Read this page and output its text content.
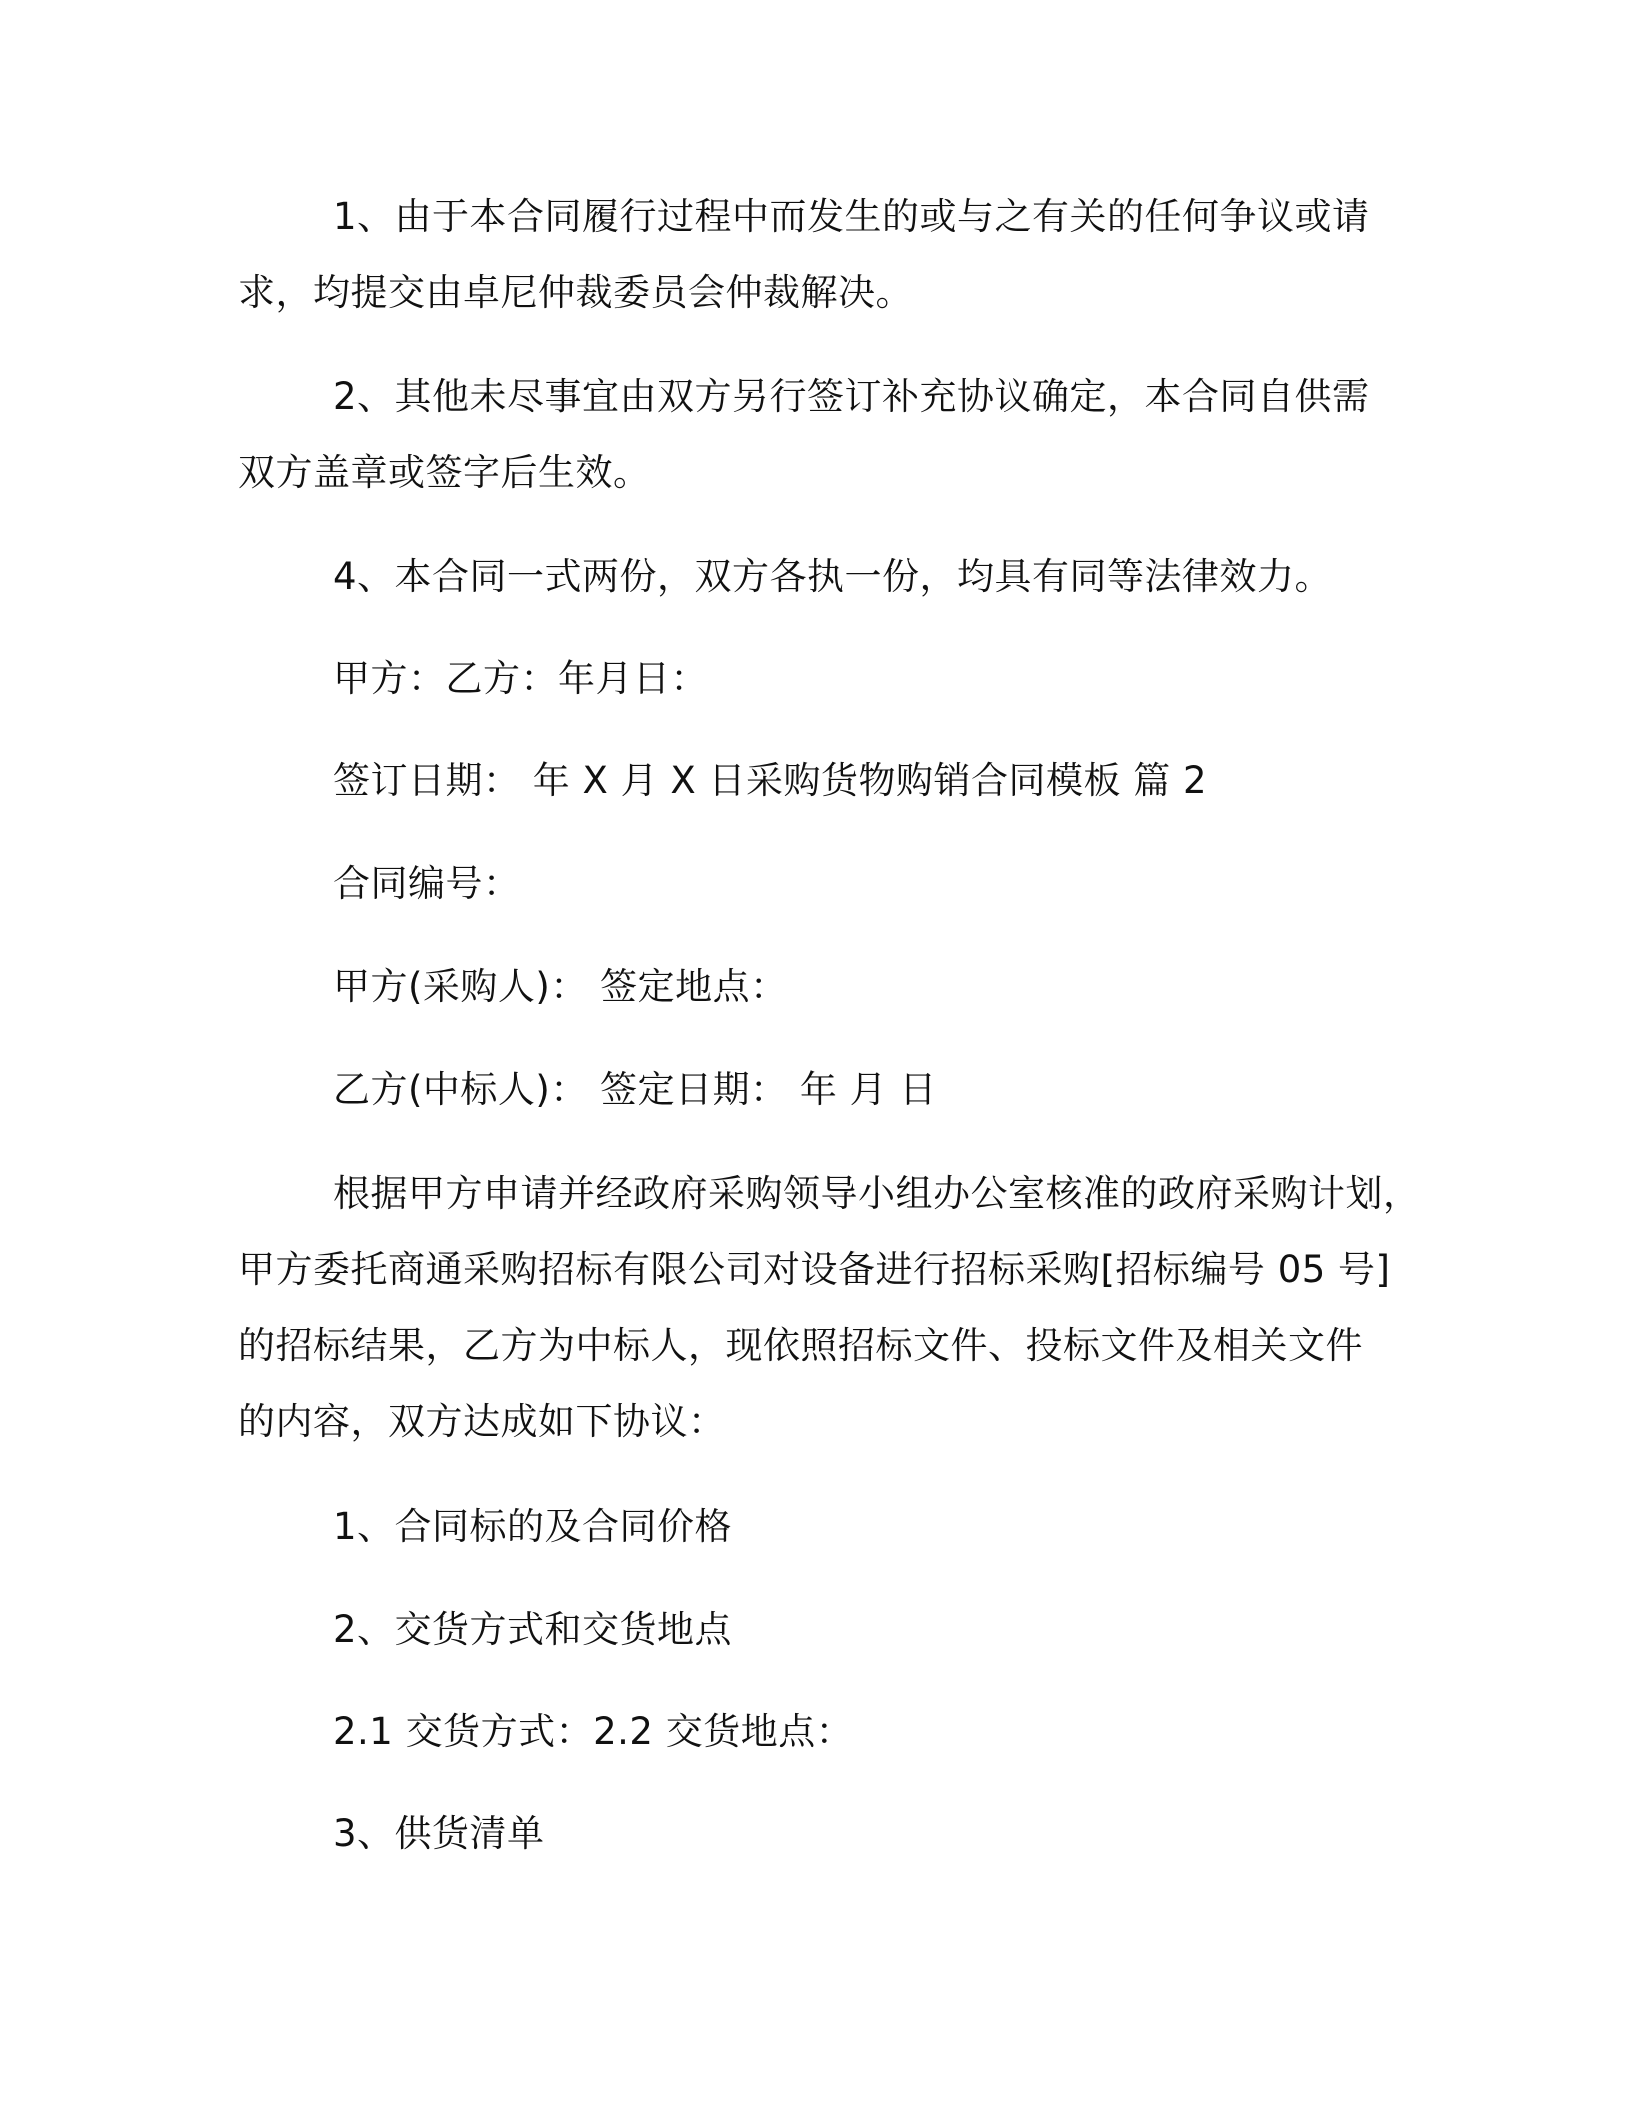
1、由于本合同履行过程中而发生的或与之有关的任何争议或请
求，均提交由卓尼仲裁委员会仲裁解决。
2、其他未尽事宜由双方另行签订补充协议确定，本合同自供需
双方盖章或签字后生效。
4、本合同一式两份，双方各执一份，均具有同等法律效力。
甲方：乙方：年月日：
签订日期： 年 X 月 X 日采购货物购销合同模板 篇 2
合同编号：
甲方(采购人)： 签定地点：
乙方(中标人)： 签定日期： 年 月 日
根据甲方申请并经政府采购领导小组办公室核准的政府采购计划，
甲方委托商通采购招标有限公司对设备进行招标采购[招标编号 05 号]
的招标结果，乙方为中标人，现依照招标文件、投标文件及相关文件
的内容，双方达成如下协议：
1、合同标的及合同价格
2、交货方式和交货地点
2.1 交货方式：2.2 交货地点：
3、供货清单
